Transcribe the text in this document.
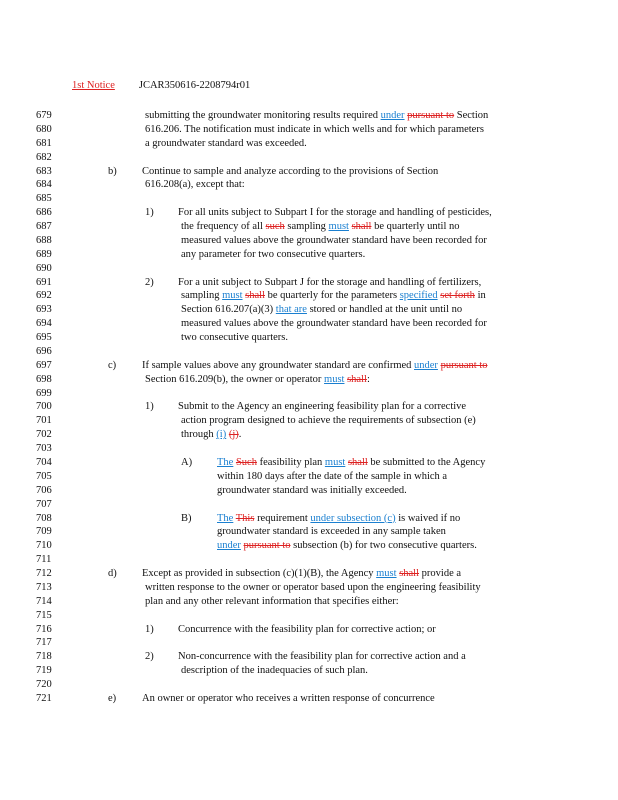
1st Notice JCAR350616-2208794r01
679	submitting the groundwater monitoring results required under pursuant to Section
680	616.206. The notification must indicate in which wells and for which parameters
681	a groundwater standard was exceeded.
682
683	b) Continue to sample and analyze according to the provisions of Section
684	616.208(a), except that:
685
686	1) For all units subject to Subpart I for the storage and handling of pesticides,
687	the frequency of all such sampling must shall be quarterly until no
688	measured values above the groundwater standard have been recorded for
689	any parameter for two consecutive quarters.
690
691	2) For a unit subject to Subpart J for the storage and handling of fertilizers,
692	sampling must shall be quarterly for the parameters specified set forth in
693	Section 616.207(a)(3) that are stored or handled at the unit until no
694	measured values above the groundwater standard have been recorded for
695	two consecutive quarters.
696
697	c) If sample values above any groundwater standard are confirmed under pursuant to
698	Section 616.209(b), the owner or operator must shall:
699
700	1) Submit to the Agency an engineering feasibility plan for a corrective
701	action program designed to achieve the requirements of subsection (e)
702	through (i) (j).
703
704	A) The Such feasibility plan must shall be submitted to the Agency
705	within 180 days after the date of the sample in which a
706	groundwater standard was initially exceeded.
707
708	B) The This requirement under subsection (c) is waived if no
709	groundwater standard is exceeded in any sample taken
710	under pursuant to subsection (b) for two consecutive quarters.
711
712	d) Except as provided in subsection (c)(1)(B), the Agency must shall provide a
713	written response to the owner or operator based upon the engineering feasibility
714	plan and any other relevant information that specifies either:
715
716	1) Concurrence with the feasibility plan for corrective action; or
717
718	2) Non-concurrence with the feasibility plan for corrective action and a
719	description of the inadequacies of such plan.
720
721	e) An owner or operator who receives a written response of concurrence
